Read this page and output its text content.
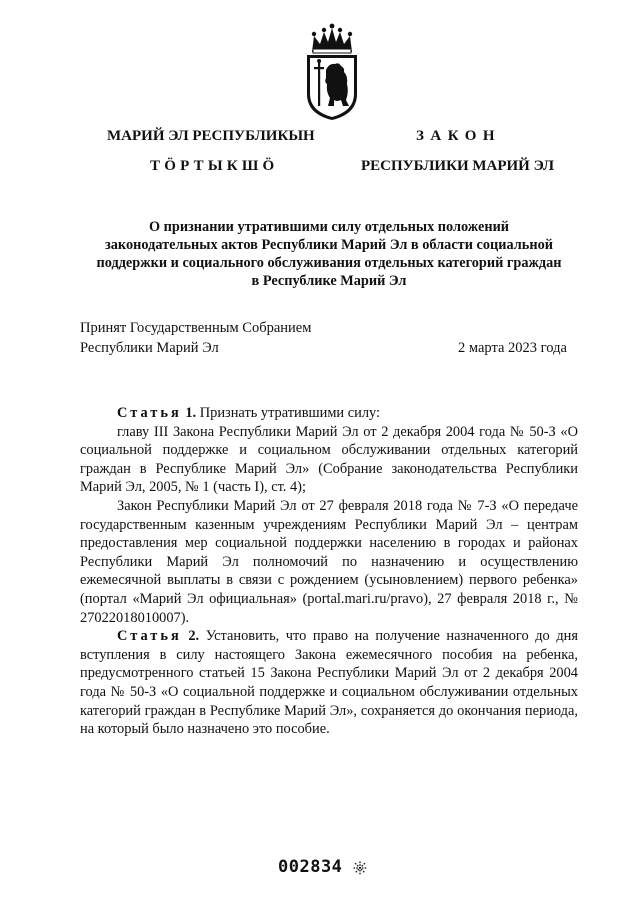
МАРИЙ ЭЛ РЕСПУБЛИКЫН
ТӦРТЫКШӦ
ЗАКОН
РЕСПУБЛИКИ МАРИЙ ЭЛ
О признании утратившими силу отдельных положений
законодательных актов Республики Марий Эл в области социальной
поддержки и социального обслуживания отдельных категорий граждан
в Республике Марий Эл
Принят Государственным Собранием
Республики Марий Эл	2 марта 2023 года

Статья 1. Признать утратившими силу:

главу III Закона Республики Марий Эл от 2 декабря 2004 года № 50-З «О социальной поддержке и социальном обслуживании отдельных категорий граждан в Республике Марий Эл» (Собрание законодательства Республики Марий Эл, 2005, № 1 (часть I), ст. 4);

Закон Республики Марий Эл от 27 февраля 2018 года № 7-З «О передаче государственным казенным учреждениям Республики Марий Эл – центрам предоставления мер социальной поддержки населению в городах и районах Республики Марий Эл полномочий по назначению и осуществлению ежемесячной выплаты в связи с рождением (усыновлением) первого ребенка» (портал «Марий Эл официальная» (portal.mari.ru/pravo), 27 февраля 2018 г., № 27022018010007).

Статья 2. Установить, что право на получение назначенного до дня вступления в силу настоящего Закона ежемесячного пособия на ребенка, предусмотренного статьей 15 Закона Республики Марий Эл от 2 декабря 2004 года № 50-З «О социальной поддержке и социальном обслуживании отдельных категорий граждан в Республике Марий Эл», сохраняется до окончания периода, на который было назначено это пособие.

002834
